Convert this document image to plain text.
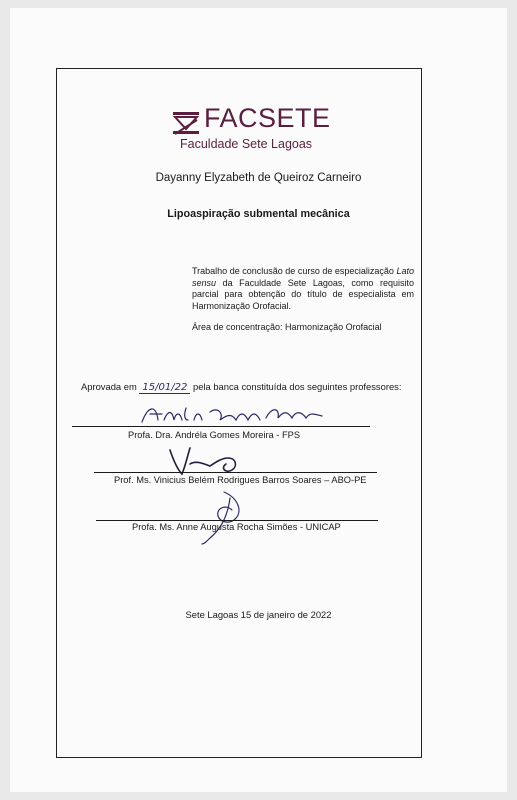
FACSETE
Faculdade Sete Lagoas
Dayanny Elyzabeth de Queiroz Carneiro
Lipoaspiração submental mecânica
Trabalho de conclusão de curso de especialização Lato sensu da Faculdade Sete Lagoas, como requisito parcial para obtenção do título de especialista em Harmonização Orofacial.
Área de concentração: Harmonização Orofacial
Aprovada em 15/01/22 pela banca constituída dos seguintes professores:
Profa. Dra. Andréla Gomes Moreira - FPS
Prof. Ms. Vinicius Belém Rodrigues Barros Soares – ABO-PE
Profa. Ms. Anne Augusta Rocha Simões - UNICAP
Sete Lagoas 15 de janeiro de 2022
